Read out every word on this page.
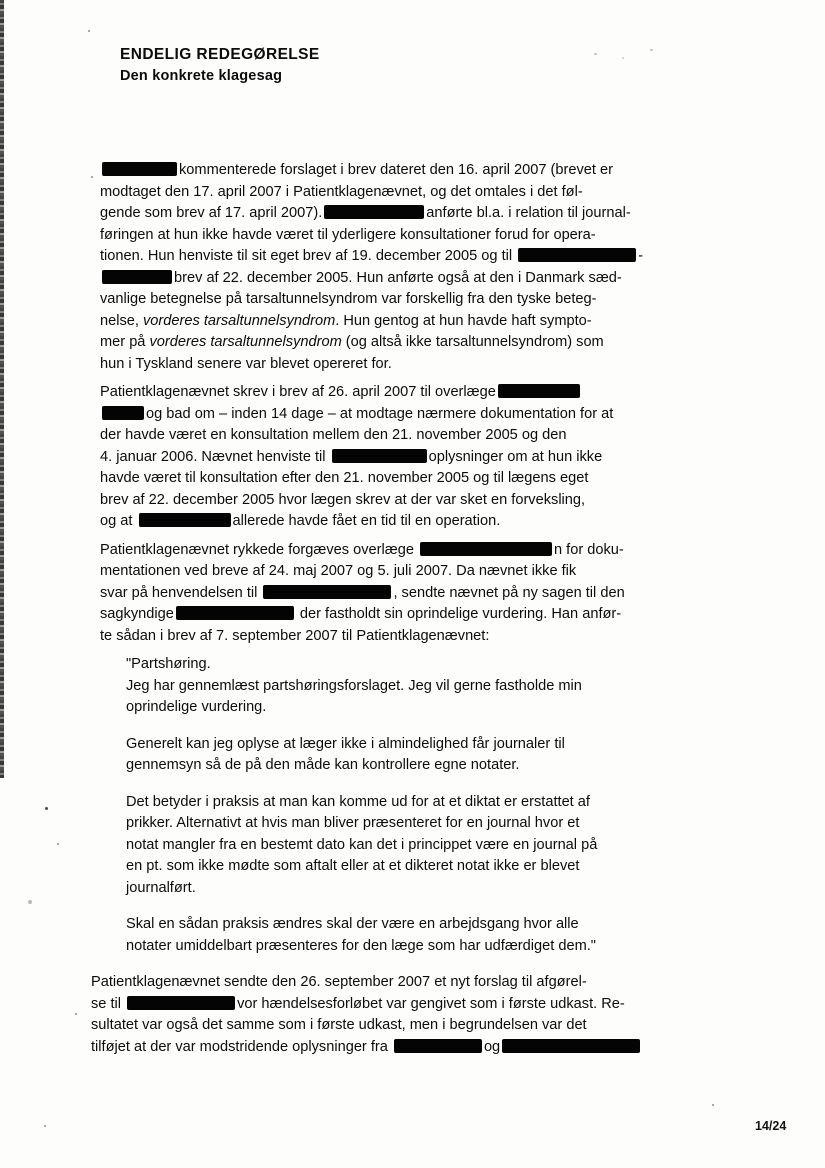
ENDELIG REDEGØRELSE
Den konkrete klagesag
kommenterede forslaget i brev dateret den 16. april 2007 (brevet er
modtaget den 17. april 2007 i Patientklagenævnet, og det omtales i det føl-
gende som brev af 17. april 2007).	anførte bl.a. i relation til journal-
føringen at hun ikke havde været til yderligere konsultationer forud for opera-
tionen. Hun henviste til sit eget brev af 19. december 2005 og til	-
brev af 22. december 2005. Hun anførte også at den i Danmark sæd-
vanlige betegnelse på tarsaltunnelsyndrom var forskellig fra den tyske beteg-
nelse, vorderes tarsaltunnelsyndrom. Hun gentog at hun havde haft sympto-
mer på vorderes tarsaltunnelsyndrom (og altså ikke tarsaltunnelsyndrom) som
hun i Tyskland senere var blevet opereret for.
Patientklagenævnet skrev i brev af 26. april 2007 til overlæge
og bad om – inden 14 dage – at modtage nærmere dokumentation for at
der havde været en konsultation mellem den 21. november 2005 og den
4. januar 2006. Nævnet henviste til	oplysninger om at hun ikke
havde været til konsultation efter den 21. november 2005 og til lægens eget
brev af 22. december 2005 hvor lægen skrev at der var sket en forveksling,
og at	allerede havde fået en tid til en operation.
Patientklagenævnet rykkede forgæves overlæge	n for doku-
mentationen ved breve af 24. maj 2007 og 5. juli 2007. Da nævnet ikke fik
svar på henvendelsen til	, sendte nævnet på ny sagen til den
sagkyndige	der fastholdt sin oprindelige vurdering. Han anfør-
te sådan i brev af 7. september 2007 til Patientklagenævnet:
"Partshøring.
Jeg har gennemlæst partshøringsforslaget. Jeg vil gerne fastholde min
oprindelige vurdering.
Generelt kan jeg oplyse at læger ikke i almindelighed får journaler til
gennemsyn så de på den måde kan kontrollere egne notater.
Det betyder i praksis at man kan komme ud for at et diktat er erstattet af
prikker. Alternativt at hvis man bliver præsenteret for en journal hvor et
notat mangler fra en bestemt dato kan det i princippet være en journal på
en pt. som ikke mødte som aftalt eller at et dikteret notat ikke er blevet
journalført.
Skal en sådan praksis ændres skal der være en arbejdsgang hvor alle
notater umiddelbart præsenteres for den læge som har udfærdiget dem."
Patientklagenævnet sendte den 26. september 2007 et nyt forslag til afgørel-
se til	vor hændelsesforløbet var gengivet som i første udkast. Re-
sultatet var også det samme som i første udkast, men i begrundelsen var det
tilføjet at der var modstridende oplysninger fra	og
14/24
